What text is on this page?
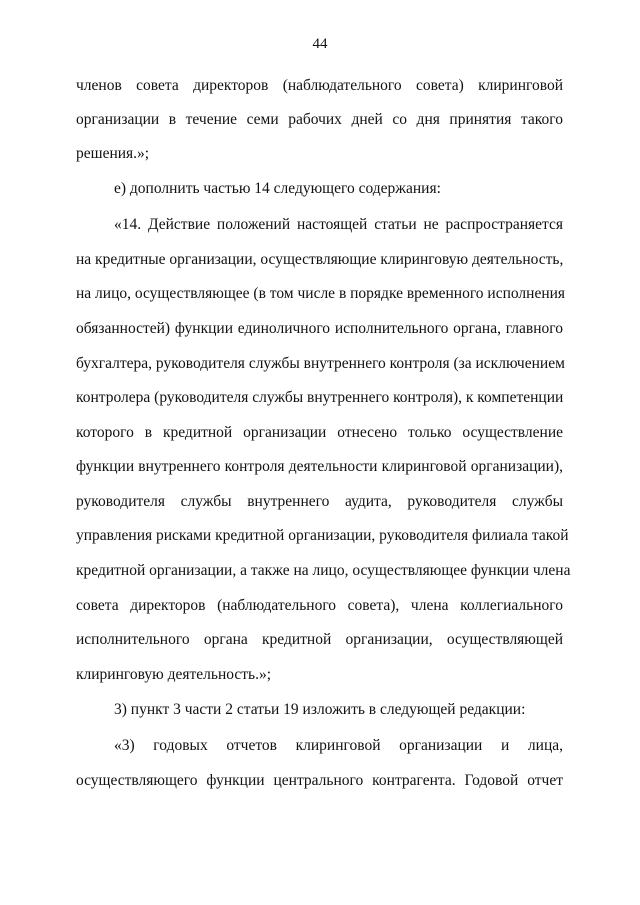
44
членов совета директоров (наблюдательного совета) клиринговой
организации в течение семи рабочих дней со дня принятия такого
решения.»;
е) дополнить частью 14 следующего содержания:
«14. Действие положений настоящей статьи не распространяется
на кредитные организации, осуществляющие клиринговую деятельность,
на лицо, осуществляющее (в том числе в порядке временного исполнения
обязанностей) функции единоличного исполнительного органа, главного
бухгалтера, руководителя службы внутреннего контроля (за исключением
контролера (руководителя службы внутреннего контроля), к компетенции
которого в кредитной организации отнесено только осуществление
функции внутреннего контроля деятельности клиринговой организации),
руководителя службы внутреннего аудита, руководителя службы
управления рисками кредитной организации, руководителя филиала такой
кредитной организации, а также на лицо, осуществляющее функции члена
совета директоров (наблюдательного совета), члена коллегиального
исполнительного органа кредитной организации, осуществляющей
клиринговую деятельность.»;
3) пункт 3 части 2 статьи 19 изложить в следующей редакции:
«3) годовых отчетов клиринговой организации и лица,
осуществляющего функции центрального контрагента. Годовой отчет
